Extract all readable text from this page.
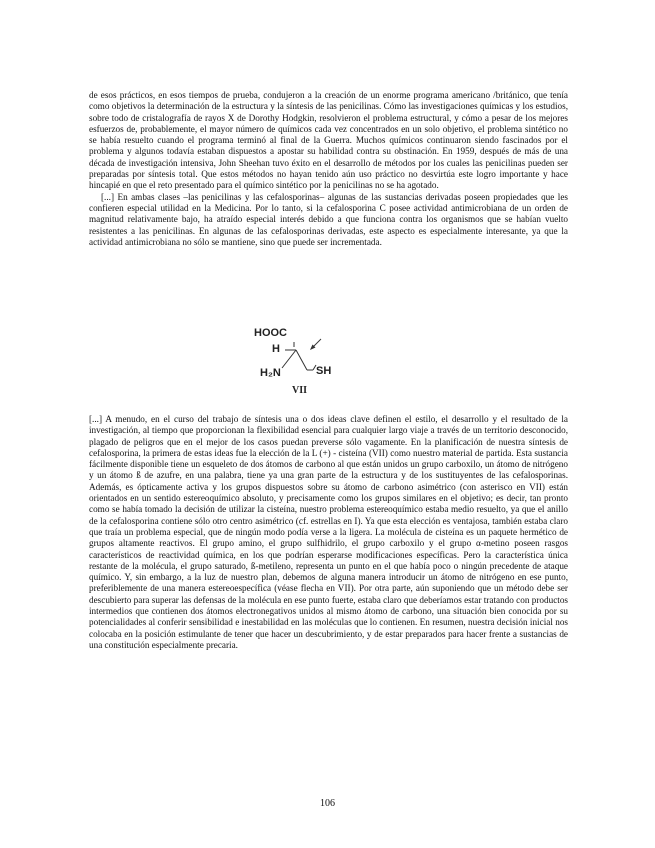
de esos prácticos, en esos tiempos de prueba, condujeron a la creación de un enorme programa americano /británico, que tenía como objetivos la determinación de la estructura y la síntesis de las penicilinas. Cómo las investigaciones químicas y los estudios, sobre todo de cristalografía de rayos X de Dorothy Hodgkin, resolvieron el problema estructural, y cómo a pesar de los mejores esfuerzos de, probablemente, el mayor número de químicos cada vez concentrados en un solo objetivo, el problema sintético no se había resuelto cuando el programa terminó al final de la Guerra. Muchos químicos continuaron siendo fascinados por el problema y algunos todavía estaban dispuestos a apostar su habilidad contra su obstinación. En 1959, después de más de una década de investigación intensiva, John Sheehan tuvo éxito en el desarrollo de métodos por los cuales las penicilinas pueden ser preparadas por síntesis total. Que estos métodos no hayan tenido aún uso práctico no desvirtúa este logro importante y hace hincapié en que el reto presentado para el químico sintético por la penicilinas no se ha agotado.

[...] En ambas clases –las penicilinas y las cefalosporinas– algunas de las sustancias derivadas poseen propiedades que les confieren especial utilidad en la Medicina. Por lo tanto, si la cefalosporina C posee actividad antimicrobiana de un orden de magnitud relativamente bajo, ha atraído especial interés debido a que funciona contra los organismos que se habían vuelto resistentes a las penicilinas. En algunas de las cefalosporinas derivadas, este aspecto es especialmente interesante, ya que la actividad antimicrobiana no sólo se mantiene, sino que puede ser incrementada.

HOOC
H
H₂N	SH
VII

[...] A menudo, en el curso del trabajo de síntesis una o dos ideas clave definen el estilo, el desarrollo y el resultado de la investigación, al tiempo que proporcionan la flexibilidad esencial para cualquier largo viaje a través de un territorio desconocido, plagado de peligros que en el mejor de los casos puedan preverse sólo vagamente. En la planificación de nuestra síntesis de cefalosporina, la primera de estas ideas fue la elección de la L (+) - cisteína (VII) como nuestro material de partida. Esta sustancia fácilmente disponible tiene un esqueleto de dos átomos de carbono al que están unidos un grupo carboxilo, un átomo de nitrógeno y un átomo ß de azufre, en una palabra, tiene ya una gran parte de la estructura y de los sustituyentes de las cefalosporinas. Además, es ópticamente activa y los grupos dispuestos sobre su átomo de carbono asimétrico (con asterisco en VII) están orientados en un sentido estereoquímico absoluto, y precisamente como los grupos similares en el objetivo; es decir, tan pronto como se había tomado la decisión de utilizar la cisteína, nuestro problema estereoquímico estaba medio resuelto, ya que el anillo de la cefalosporina contiene sólo otro centro asimétrico (cf. estrellas en I). Ya que esta elección es ventajosa, también estaba claro que traía un problema especial, que de ningún modo podía verse a la ligera. La molécula de cisteína es un paquete hermético de grupos altamente reactivos. El grupo amino, el grupo sulfhidrilo, el grupo carboxilo y el grupo α-metino poseen rasgos característicos de reactividad química, en los que podrían esperarse modificaciones específicas. Pero la característica única restante de la molécula, el grupo saturado, ß-metileno, representa un punto en el que había poco o ningún precedente de ataque químico. Y, sin embargo, a la luz de nuestro plan, debemos de alguna manera introducir un átomo de nitrógeno en ese punto, preferiblemente de una manera estereoespecífica (véase flecha en VII). Por otra parte, aún suponiendo que un método debe ser descubierto para superar las defensas de la molécula en ese punto fuerte, estaba claro que deberíamos estar tratando con productos intermedios que contienen dos átomos electronegativos unidos al mismo átomo de carbono, una situación bien conocida por su potencialidades al conferir sensibilidad e inestabilidad en las moléculas que lo contienen. En resumen, nuestra decisión inicial nos colocaba en la posición estimulante de tener que hacer un descubrimiento, y de estar preparados para hacer frente a sustancias de una constitución especialmente precaria.

106
